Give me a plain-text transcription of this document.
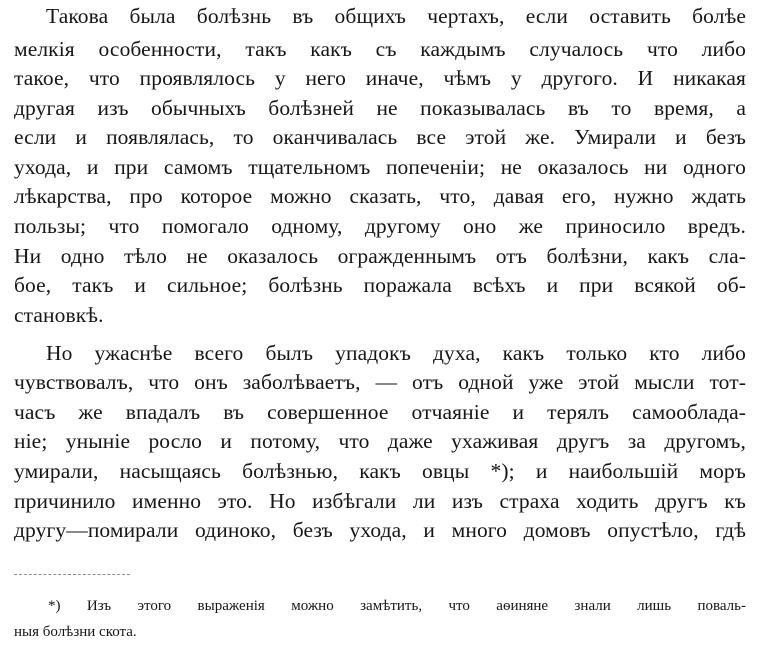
Такова была болѣзнь въ общихъ чертахъ, если оставить болѣе
мелкія особенности, такъ какъ съ каждымъ случалось что либо
такое, что проявлялось у него иначе, чѣмъ у другого. И никакая
другая изъ обычныхъ болѣзней не показывалась въ то время, а
если и появлялась, то оканчивалась все этой же. Умирали и безъ
ухода, и при самомъ тщательномъ попеченіи; не оказалось ни одного
лѣкарства, про которое можно сказать, что, давая его, нужно ждать
пользы; что помогало одному, другому оно же приносило вредъ.
Ни одно тѣло не оказалось огражденнымъ отъ болѣзни, какъ сла-
бое, такъ и сильное; болѣзнь поражала всѣхъ и при всякой об-
становкѣ.
Но ужаснѣе всего былъ упадокъ духа, какъ только кто либо
чувствовалъ, что онъ заболѣваетъ, — отъ одной уже этой мысли тот-
часъ же впадалъ въ совершенное отчаяніе и терялъ самооблада-
ніе; уныніе росло и потому, что даже ухаживая другъ за другомъ,
умирали, насыщаясь болѣзнью, какъ овцы *); и наибольшій моръ
причинило именно это. Но избѣгали ли изъ страха ходить другъ къ
другу—помирали одиноко, безъ ухода, и много домовъ опустѣло, гдѣ
*) Изъ этого выраженія можно замѣтить, что аѳиняне знали лишь поваль-
ныя болѣзни скота.
